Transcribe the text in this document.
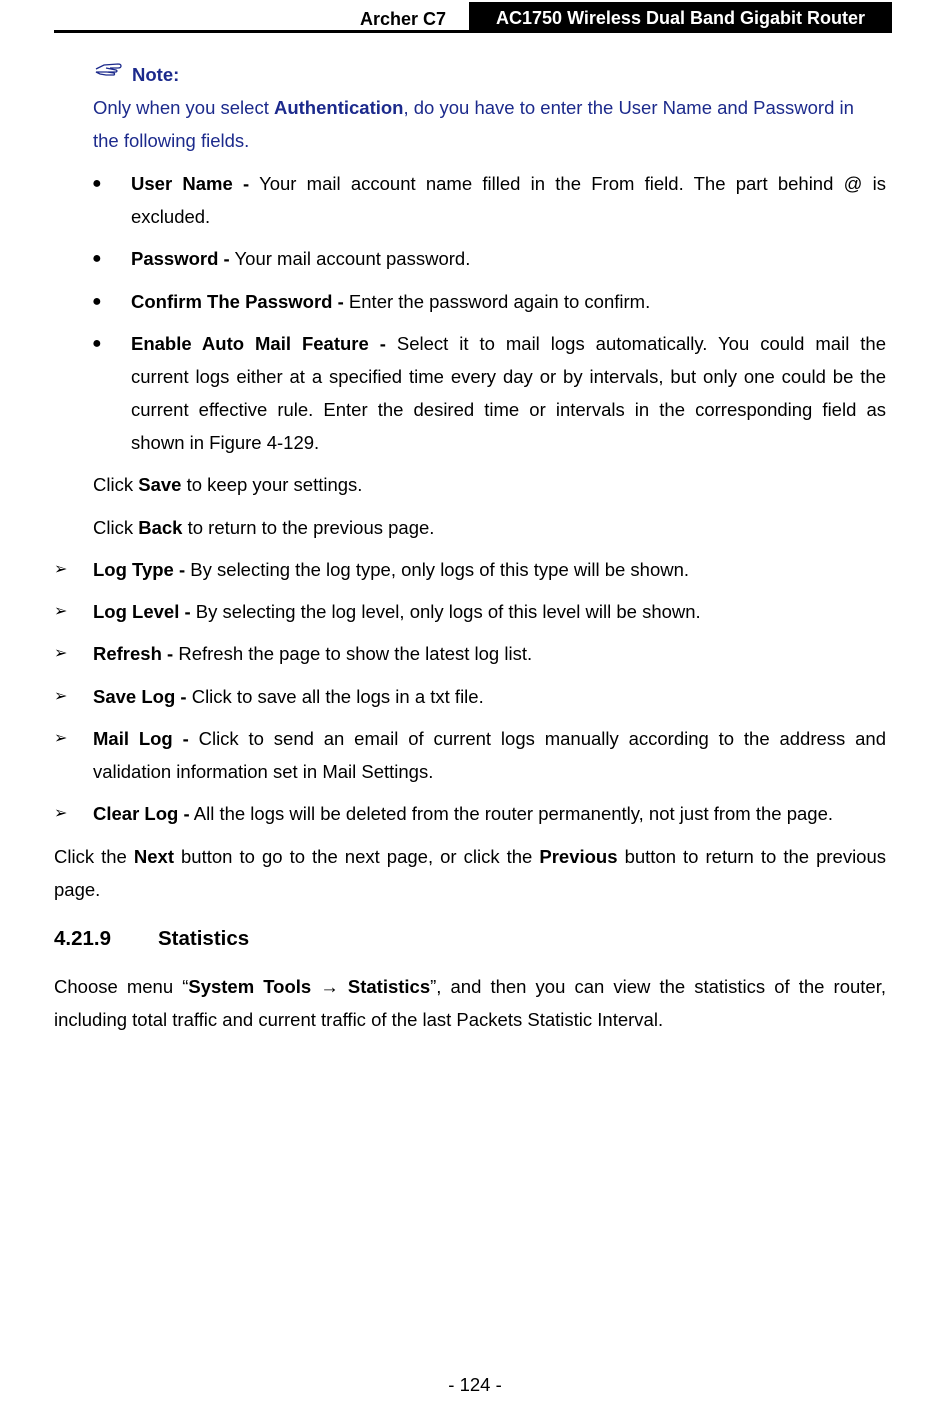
Archer C7	AC1750 Wireless Dual Band Gigabit Router
Note:
Only when you select Authentication, do you have to enter the User Name and Password in
the following fields.
● User Name - Your mail account name filled in the From field. The part behind @ is
excluded.
● Password - Your mail account password.
● Confirm The Password - Enter the password again to confirm.
● Enable Auto Mail Feature - Select it to mail logs automatically. You could mail the
current logs either at a specified time every day or by intervals, but only one could be the
current effective rule. Enter the desired time or intervals in the corresponding field as
shown in Figure 4-129.
Click Save to keep your settings.
Click Back to return to the previous page.
➢ Log Type - By selecting the log type, only logs of this type will be shown.
➢ Log Level - By selecting the log level, only logs of this level will be shown.
➢ Refresh - Refresh the page to show the latest log list.
➢ Save Log - Click to save all the logs in a txt file.
➢ Mail Log - Click to send an email of current logs manually according to the address and
validation information set in Mail Settings.
➢ Clear Log - All the logs will be deleted from the router permanently, not just from the page.
Click the Next button to go to the next page, or click the Previous button to return to the previous
page.
4.21.9 Statistics
Choose menu “System Tools → Statistics”, and then you can view the statistics of the router,
including total traffic and current traffic of the last Packets Statistic Interval.
- 124 -
